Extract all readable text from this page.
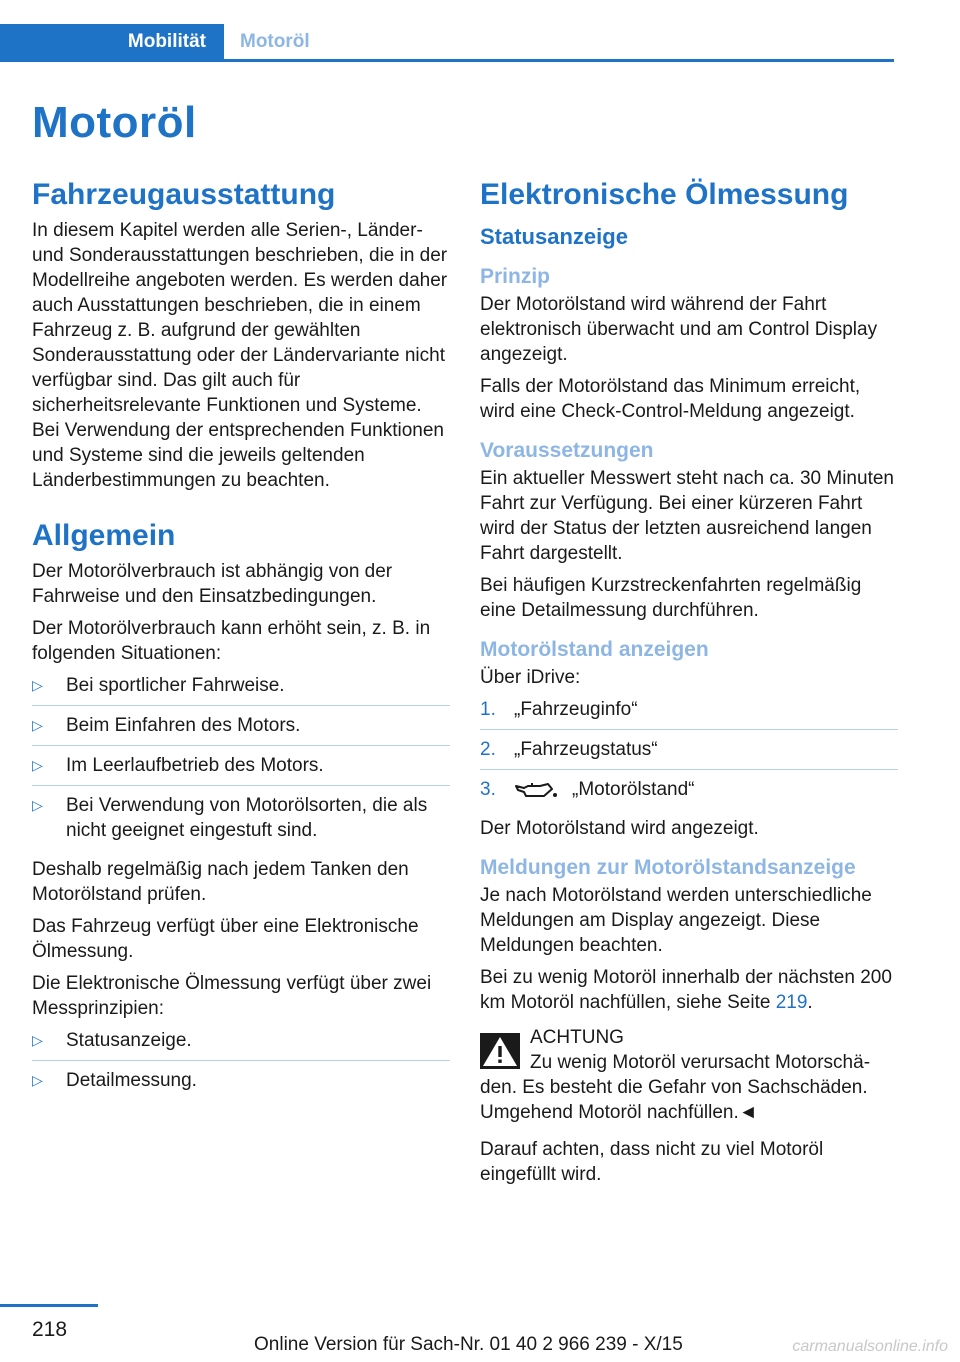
Mobilität	Motoröl
Motoröl
Fahrzeugausstattung

In diesem Kapitel werden alle Serien-, Länder- und Sonderausstattungen beschrieben, die in der Modellreihe angeboten werden. Es werden daher auch Ausstattungen beschrieben, die in einem Fahrzeug z. B. aufgrund der gewählten Sonderausstattung oder der Ländervariante nicht verfügbar sind. Das gilt auch für sicherheitsrelevante Funktionen und Systeme. Bei Verwendung der entsprechenden Funktionen und Systeme sind die jeweils geltenden Länderbestimmungen zu beachten.

Allgemein

Der Motorölverbrauch ist abhängig von der Fahrweise und den Einsatzbedingungen.

Der Motorölverbrauch kann erhöht sein, z. B. in folgenden Situationen:

▷ Bei sportlicher Fahrweise.
▷ Beim Einfahren des Motors.
▷ Im Leerlaufbetrieb des Motors.
▷ Bei Verwendung von Motorölsorten, die als nicht geeignet eingestuft sind.

Deshalb regelmäßig nach jedem Tanken den Motorölstand prüfen.

Das Fahrzeug verfügt über eine Elektronische Ölmessung.

Die Elektronische Ölmessung verfügt über zwei Messprinzipien:

▷ Statusanzeige.
▷ Detailmessung.
Elektronische Ölmessung
Statusanzeige
Prinzip

Der Motorölstand wird während der Fahrt elektronisch überwacht und am Control Display angezeigt.

Falls der Motorölstand das Minimum erreicht, wird eine Check-Control-Meldung angezeigt.

Voraussetzungen

Ein aktueller Messwert steht nach ca. 30 Minuten Fahrt zur Verfügung. Bei einer kürzeren Fahrt wird der Status der letzten ausreichend langen Fahrt dargestellt.

Bei häufigen Kurzstreckenfahrten regelmäßig eine Detailmessung durchführen.

Motorölstand anzeigen

Über iDrive:

1. „Fahrzeuginfo“
2. „Fahrzeugstatus“
3.	„Motorölstand“

Der Motorölstand wird angezeigt.

Meldungen zur Motorölstandsanzeige

Je nach Motorölstand werden unterschiedliche Meldungen am Display angezeigt. Diese Meldungen beachten.

Bei zu wenig Motoröl innerhalb der nächsten 200 km Motoröl nachfüllen, siehe Seite 219.

ACHTUNG

Zu wenig Motoröl verursacht Motorschä-

den. Es besteht die Gefahr von Sachschäden. Umgehend Motoröl nachfüllen.◄

Darauf achten, dass nicht zu viel Motoröl eingefüllt wird.

218
Online Version für Sach-Nr. 01 40 2 966 239 - X/15	carmanualsonline.info
